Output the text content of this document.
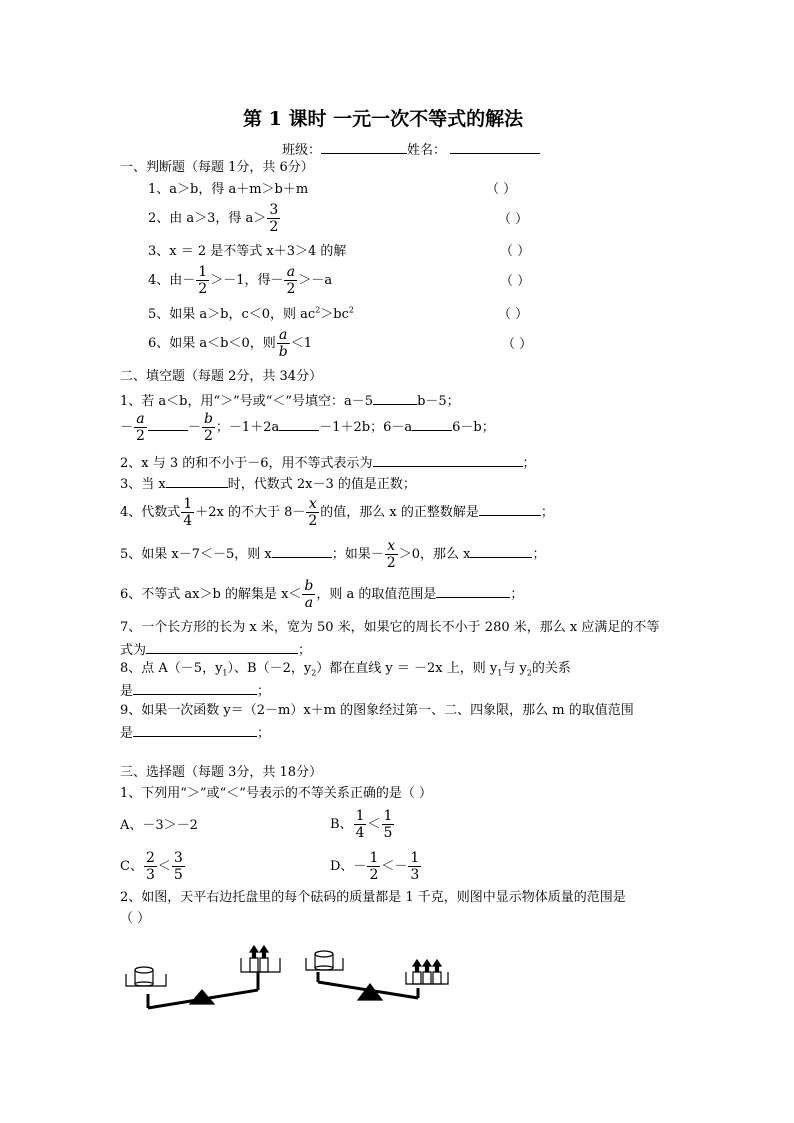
第 1 课时 一元一次不等式的解法
班级：	姓名：
一、判断题（每题 1分，共 6分）
1、a＞b，得 a＋m＞b＋m	（ ）
2、由 a＞3，得 $a> \frac{3}{2}$	（ ）
3、x ＝ 2 是不等式 x＋3＞4 的解	（ ）
4、由－ $\frac{1}{2} >-1$，得－ $\frac{a}{2} >-a$	（ ）
5、如果 a＞b，c＜0，则 $ac^2>bc^2$	（ ）
6、如果 a＜b＜0，则 $\frac{a}{b} <1$	（ ）
二、填空题（每题 2分，共 34分）
1、若 a＜b，用“＞”号或“＜”号填空：a－5	b－5；
－ $\frac{a}{2}$	－ $\frac{b}{2}$ ；－1＋2a	－1＋2b；6－a	6－b；
2、x 与 3 的和不小于－6，用不等式表示为	；
3、当 x	时，代数式 2x－3 的值是正数；
4、代数式 $\frac{1}{4} +2x$ 的不大于 $8- \frac{x}{2}$ 的值，那么 x 的正整数解是	；
5、如果 x－7＜－5，则 x	；如果－ $\frac{x}{2} >0$，那么 x	；
6、不等式 ax＞b 的解集是 $x< \frac{b}{a}$ ，则 a 的取值范围是	；
7、一个长方形的长为 x 米，宽为 50 米，如果它的周长不小于 280 米，那么 x 应满足的不等
式为	；
8、点 A（－5，$y_1$）、B（－2，$y_2$）都在直线 y ＝ －2x 上，则 $y_1$与 $y_2$的关系
是	；
9、如果一次函数 y＝（2－m）x＋m 的图象经过第一、二、四象限，那么 m 的取值范围
是	；
三、选择题（每题 3分，共 18分）
1、下列用“＞”或“＜”号表示的不等关系正确的是（ ）
A、－3＞－2	B、 $\frac{1}{4} < \frac{1}{5}$
C、 $\frac{2}{3} < \frac{3}{5}$	D、－ $\frac{1}{2} <- \frac{1}{3}$
2、如图，天平右边托盘里的每个砝码的质量都是 1 千克，则图中显示物体质量的范围是
（ ）
